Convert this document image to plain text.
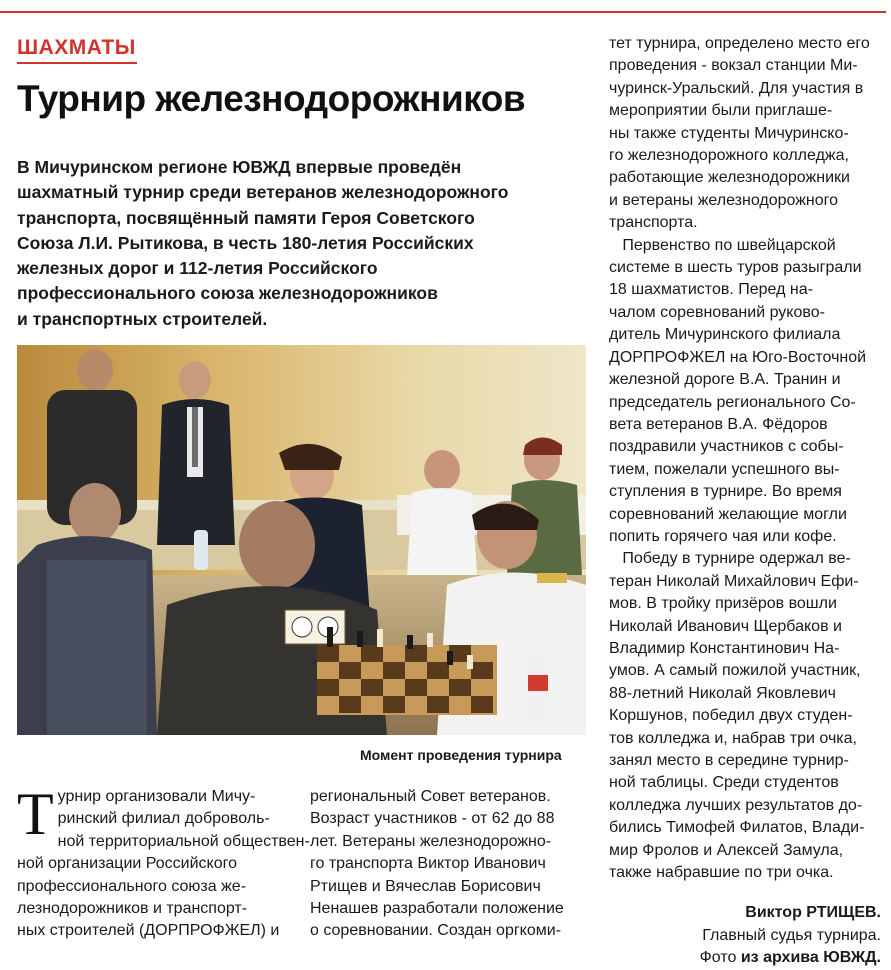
ШАХМАТЫ
Турнир железнодорожников
В Мичуринском регионе ЮВЖД впервые проведён
шахматный турнир среди ветеранов железнодорожного
транспорта, посвящённый памяти Героя Советского
Союза Л.И. Рытикова, в честь 180-летия Российских
железных дорог и 112-летия Российского
профессионального союза железнодорожников
и транспортных строителей.
Момент проведения турнира
Т урнир организовали Мичу-
ринский филиал доброволь-
ной территориальной обществен-
ной организации Российского
профессионального союза же-
лезнодорожников и транспорт-
ных строителей (ДОРПРОФЖЕЛ) и
региональный Совет ветеранов.
Возраст участников - от 62 до 88
лет. Ветераны железнодорожно-
го транспорта Виктор Иванович
Ртищев и Вячеслав Борисович
Ненашев разработали положение
о соревновании. Создан оргкоми-
тет турнира, определено место его
проведения - вокзал станции Ми-
чуринск-Уральский. Для участия в
мероприятии были приглаше-
ны также студенты Мичуринско-
го железнодорожного колледжа,
работающие железнодорожники
и ветераны железнодорожного
транспорта.
Первенство по швейцарской
системе в шесть туров разыграли
18 шахматистов. Перед на-
чалом соревнований руково-
дитель Мичуринского филиала
ДОРПРОФЖЕЛ на Юго-Восточной
железной дороге В.А. Транин и
председатель регионального Со-
вета ветеранов В.А. Фёдоров
поздравили участников с собы-
тием, пожелали успешного вы-
ступления в турнире. Во время
соревнований желающие могли
попить горячего чая или кофе.
Победу в турнире одержал ве-
теран Николай Михайлович Ефи-
мов. В тройку призёров вошли
Николай Иванович Щербаков и
Владимир Константинович На-
умов. А самый пожилой участник,
88-летний Николай Яковлевич
Коршунов, победил двух студен-
тов колледжа и, набрав три очка,
занял место в середине турнир-
ной таблицы. Среди студентов
колледжа лучших результатов до-
бились Тимофей Филатов, Влади-
мир Фролов и Алексей Замула,
также набравшие по три очка.
Виктор РТИЩЕВ.
Главный судья турнира.
Фото из архива ЮВЖД.
